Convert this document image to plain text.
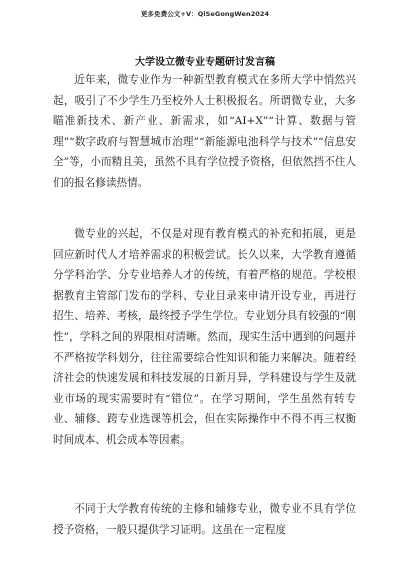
更多免费公文+V：QiSeGongWen2024
大学设立微专业专题研讨发言稿

近年来，微专业作为一种新型教育模式在多所大学中悄然兴起，吸引了不少学生乃至校外人士积极报名。所谓微专业，大多瞄准新技术、新产业、新需求，如“AI+X”“计算、数据与管理”“数字政府与智慧城市治理”“新能源电池科学与技术”“信息安全”等，小而精且美，虽然不具有学位授予资格，但依然挡不住人们的报名修读热情。

微专业的兴起，不仅是对现有教育模式的补充和拓展，更是回应新时代人才培养需求的积极尝试。长久以来，大学教育遵循分学科治学、分专业培养人才的传统，有着严格的规范。学校根据教育主管部门发布的学科、专业目录来申请开设专业，再进行招生、培养、考核，最终授予学生学位。专业划分具有较强的“刚性”，学科之间的界限相对清晰。然而，现实生活中遇到的问题并不严格按学科划分，往往需要综合性知识和能力来解决。随着经济社会的快速发展和科技发展的日新月异，学科建设与学生及就业市场的现实需要时有“错位”。在学习期间，学生虽然有转专业、辅修、跨专业选课等机会，但在实际操作中不得不再三权衡时间成本、机会成本等因素。

不同于大学教育传统的主修和辅修专业，微专业不具有学位授予资格，一般只提供学习证明。这虽在一定程度
